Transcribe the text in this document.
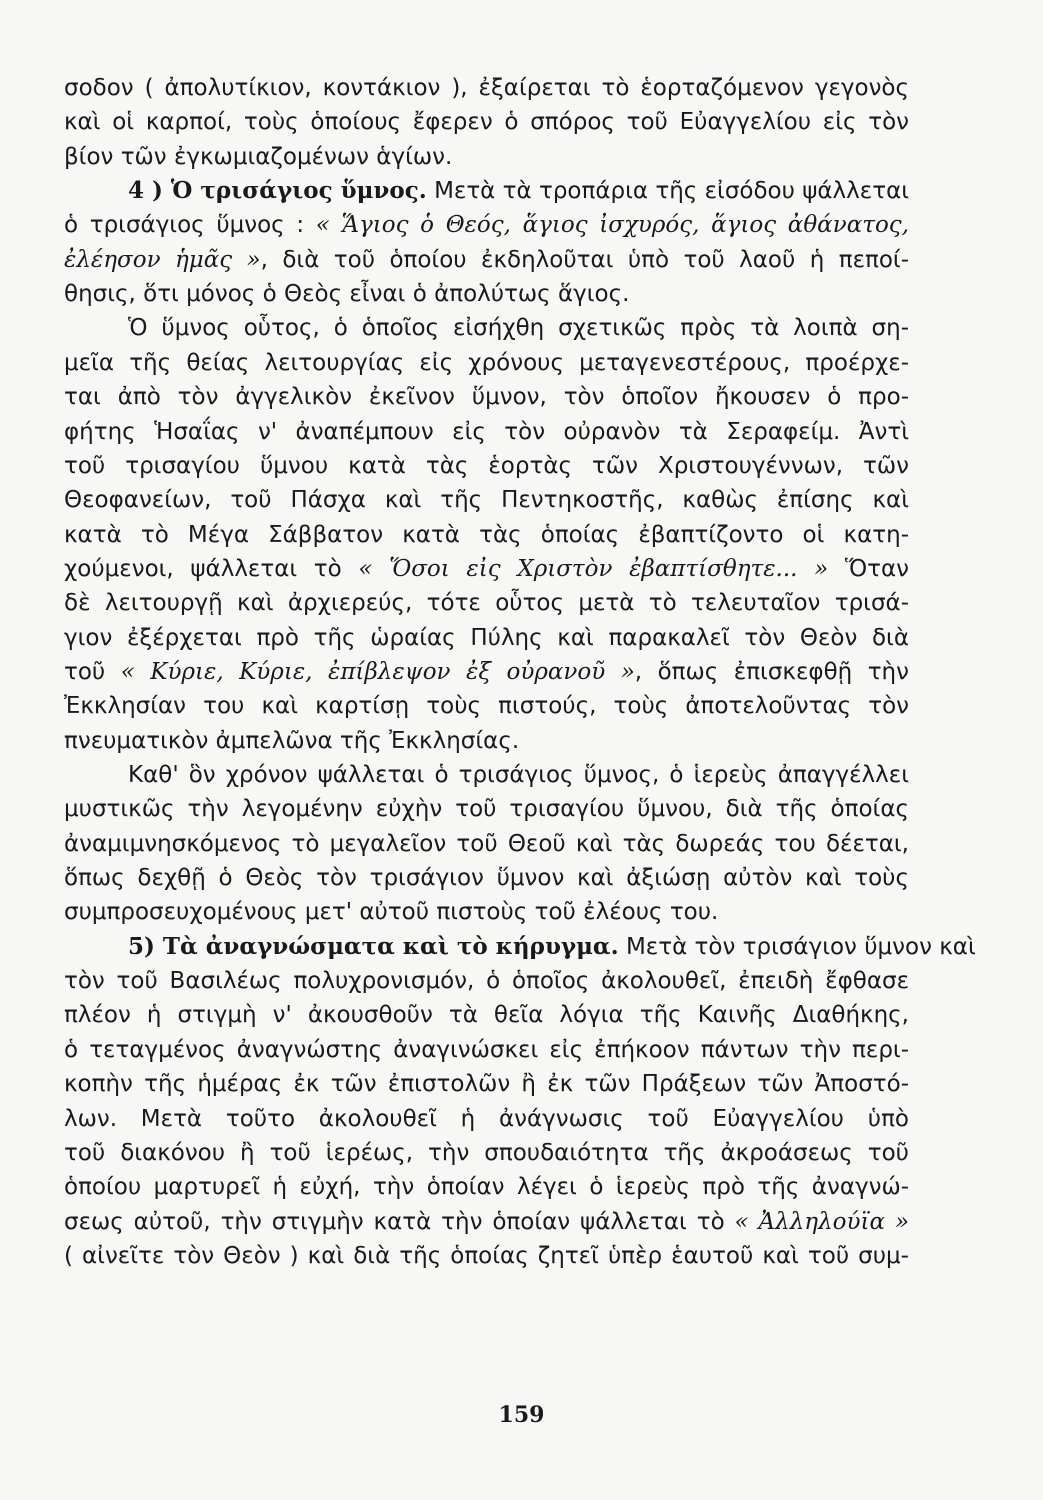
σοδον ( ἀπολυτίκιον, κοντάκιον ), ἐξαίρεται τὸ ἑορταζόμενον γεγονὸς
καὶ οἱ καρποί, τοὺς ὁποίους ἔφερεν ὁ σπόρος τοῦ Εὐαγγελίου εἰς τὸν
βίον τῶν ἐγκωμιαζομένων ἁγίων.
4 ) Ὁ τρισάγιος ὕμνος. Μετὰ τὰ τροπάρια τῆς εἰσόδου ψάλλεται
ὁ τρισάγιος ὕμνος : « Ἅγιος ὁ Θεός, ἅγιος ἰσχυρός, ἅγιος ἀθάνατος,
ἐλέησον ἡμᾶς », διὰ τοῦ ὁποίου ἐκδηλοῦται ὑπὸ τοῦ λαοῦ ἡ πεποί-
θησις, ὅτι μόνος ὁ Θεὸς εἶναι ὁ ἀπολύτως ἅγιος.
Ὁ ὕμνος οὗτος, ὁ ὁποῖος εἰσήχθη σχετικῶς πρὸς τὰ λοιπὰ ση-
μεῖα τῆς θείας λειτουργίας εἰς χρόνους μεταγενεστέρους, προέρχε-
ται ἀπὸ τὸν ἀγγελικὸν ἐκεῖνον ὕμνον, τὸν ὁποῖον ἤκουσεν ὁ προ-
φήτης Ἡσαΐας ν' ἀναπέμπουν εἰς τὸν οὐρανὸν τὰ Σεραφείμ. Ἀντὶ
τοῦ τρισαγίου ὕμνου κατὰ τὰς ἑορτὰς τῶν Χριστουγέννων, τῶν
Θεοφανείων, τοῦ Πάσχα καὶ τῆς Πεντηκοστῆς, καθὼς ἐπίσης καὶ
κατὰ τὸ Μέγα Σάββατον κατὰ τὰς ὁποίας ἐβαπτίζοντο οἱ κατη-
χούμενοι, ψάλλεται τὸ « Ὅσοι εἰς Χριστὸν ἐβαπτίσθητε... » Ὅταν
δὲ λειτουργῇ καὶ ἀρχιερεύς, τότε οὗτος μετὰ τὸ τελευταῖον τρισά-
γιον ἐξέρχεται πρὸ τῆς ὡραίας Πύλης καὶ παρακαλεῖ τὸν Θεὸν διὰ
τοῦ « Κύριε, Κύριε, ἐπίβλεψον ἐξ οὐρανοῦ », ὅπως ἐπισκεφθῇ τὴν
Ἐκκλησίαν του καὶ καρτίσῃ τοὺς πιστούς, τοὺς ἀποτελοῦντας τὸν
πνευματικὸν ἀμπελῶνα τῆς Ἐκκλησίας.
Καθ' ὃν χρόνον ψάλλεται ὁ τρισάγιος ὕμνος, ὁ ἱερεὺς ἀπαγγέλλει
μυστικῶς τὴν λεγομένην εὐχὴν τοῦ τρισαγίου ὕμνου, διὰ τῆς ὁποίας
ἀναμιμνησκόμενος τὸ μεγαλεῖον τοῦ Θεοῦ καὶ τὰς δωρεάς του δέεται,
ὅπως δεχθῇ ὁ Θεὸς τὸν τρισάγιον ὕμνον καὶ ἀξιώσῃ αὐτὸν καὶ τοὺς
συμπροσευχομένους μετ' αὐτοῦ πιστοὺς τοῦ ἐλέους του.
5) Τὰ ἀναγνώσματα καὶ τὸ κήρυγμα. Μετὰ τὸν τρισάγιον ὕμνον καὶ
τὸν τοῦ Βασιλέως πολυχρονισμόν, ὁ ὁποῖος ἀκολουθεῖ, ἐπειδὴ ἔφθασε
πλέον ἡ στιγμὴ ν' ἀκουσθοῦν τὰ θεῖα λόγια τῆς Καινῆς Διαθήκης,
ὁ τεταγμένος ἀναγνώστης ἀναγινώσκει εἰς ἐπήκοον πάντων τὴν περι-
κοπὴν τῆς ἡμέρας ἐκ τῶν ἐπιστολῶν ἢ ἐκ τῶν Πράξεων τῶν Ἀποστό-
λων. Μετὰ τοῦτο ἀκολουθεῖ ἡ ἀνάγνωσις τοῦ Εὐαγγελίου ὑπὸ
τοῦ διακόνου ἢ τοῦ ἱερέως, τὴν σπουδαιότητα τῆς ἀκροάσεως τοῦ
ὁποίου μαρτυρεῖ ἡ εὐχή, τὴν ὁποίαν λέγει ὁ ἱερεὺς πρὸ τῆς ἀναγνώ-
σεως αὐτοῦ, τὴν στιγμὴν κατὰ τὴν ὁποίαν ψάλλεται τὸ « Ἀλληλούϊα »
( αἰνεῖτε τὸν Θεὸν ) καὶ διὰ τῆς ὁποίας ζητεῖ ὑπὲρ ἑαυτοῦ καὶ τοῦ συμ-
159
